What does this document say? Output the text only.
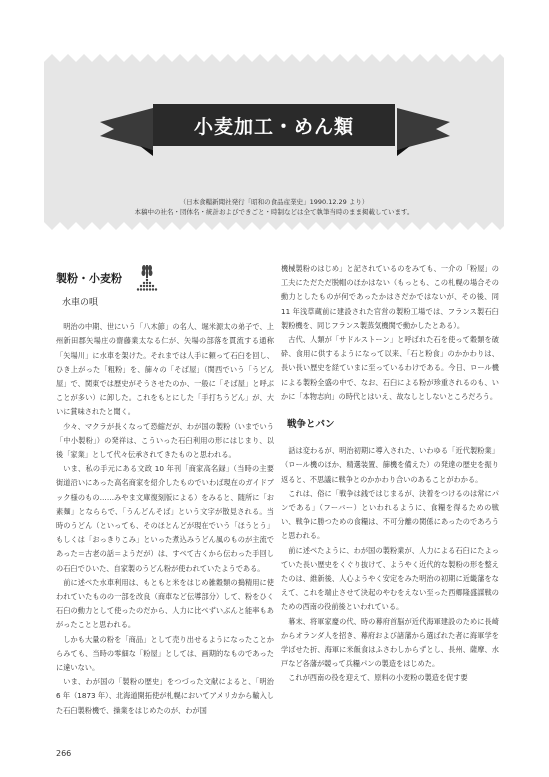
小麦加工・めん類
（日本食糧新聞社発行「昭和の食品産業史」1990.12.29 より）
本稿中の社名・団体名・統計およびできごと・時制などは全て執筆当時のまま掲載しています。
製粉・小麦粉
水車の唄

明治の中期、世にいう「八木節」の名人、堀米源太の弟子で、上州新田郡矢場庄の齋藤業太なる仁が、矢場の部落を貫流する通称「矢場川」に水車を架けた。それまでは人手に頼って石臼を回し、ひき上がった「粗粉」を、篩々の「そば屋」（関西でいう「うどん屋」で、関東では歴史がそうさせたのか、一般に「そば屋」と呼ぶことが多い）に卸した。これをもとにした「手打ちうどん」が、大いに賞味されたと聞く。

少々、マクラが長くなって恐縮だが、わが国の製粉（いまでいう「中小製粉」）の発祥は、こういった石臼利用の形にはじまり、以後「家業」として代々伝承されてきたものと思われる。

いま、私の手元にある文政 10 年刊「商家高名録」（当時の主要街道沿いにあった高名商家を紹介したものでいわば現在のガイドブック様のもの……みやま文庫復刻版による）をみると、随所に「お素麺」となららで、「うんどんそば」という文字が散見される。当時のうどん（といっても、そのほとんどが現在でいう「ほうとう」もしくは「おっきりこみ」といった煮込みうどん風のものが主流であった＝古老の話＝ようだが）は、すべて古くから伝わった手回しの石臼でひいた、自家製のうどん粉が使われていたようである。

前に述べた水車利用は、もともと米をはじめ雑穀類の搗精用に使われていたものの一部を改良（商車など伝導部分）して、粉をひく石臼の動力として使ったのだから、人力に比べずいぶんと能率もあがったことと思われる。

しかも大量の粉を「商品」として売り出せるようになったことからみても、当時の零細な「粉屋」としては、画期的なものであったに違いない。

いま、わが国の「製粉の歴史」をつづった文献によると、「明治 6 年（1873 年）、北海道開拓使が札幌においてアメリカから輸入した石臼製粉機で、操業をはじめたのが、わが国

機械製粉のはじめ」と記されているのをみても、一介の「粉屋」の工夫にただただ脱帽のほかはない（もっとも、この札幌の場合その動力としたものが何であったかはさだかではないが、その後、同 11 年浅草蔵前に建設された官営の製粉工場では、フランス製石臼製粉機を、同じフランス製蒸気機関で動かしたとある）。

古代、人類が「サドルストーン」と呼ばれた石を使って穀類を破砕、食用に供するようになって以来、「石と粉食」のかかわりは、長い長い歴史を経ていまに至っているわけである。今日、ロール機による製粉全盛の中で、なお、石臼による粉が珍重されるのも、いかに「本物志向」の時代とはいえ、故なしとしないところだろう。

戦争とパン

話は変わるが、明治初期に導入された、いわゆる「近代製粉業」（ロール機のほか、精選装置、篩機を備えた）の発達の歴史を振り返ると、不思議に戦争とのかかわり合いのあることがわかる。

これは、俗に「戦争は銭ではじまるが、決着をつけるのは常にパンである」（フーバー）といわれるように、食糧を得るための戦い、戦争に勝つための食糧は、不可分離の関係にあったのであろうと思われる。

前に述べたように、わが国の製粉業が、人力による石臼にたよっていた長い歴史をくぐり抜けて、ようやく近代的な製粉の形を整えたのは、維新後、人心ようやく安定をみた明治の初期に近畿藩をなえて、これを端止させて決起のやむをえない至った西郷隆盛謀戦のための西南の役前後といわれている。

幕末、将軍家慶の代、時の幕府首脳が近代海軍建設のために長崎からオランダ人を招き、幕府および諸藩から選ばれた者に海軍学を学ばせた折、海軍に米飯食はふさわしからずとし、長州、薩摩、水戸など各藩が競って兵糧パンの製造をはじめた。

これが西南の役を迎えて、原料の小麦粉の製造を促す要

266
